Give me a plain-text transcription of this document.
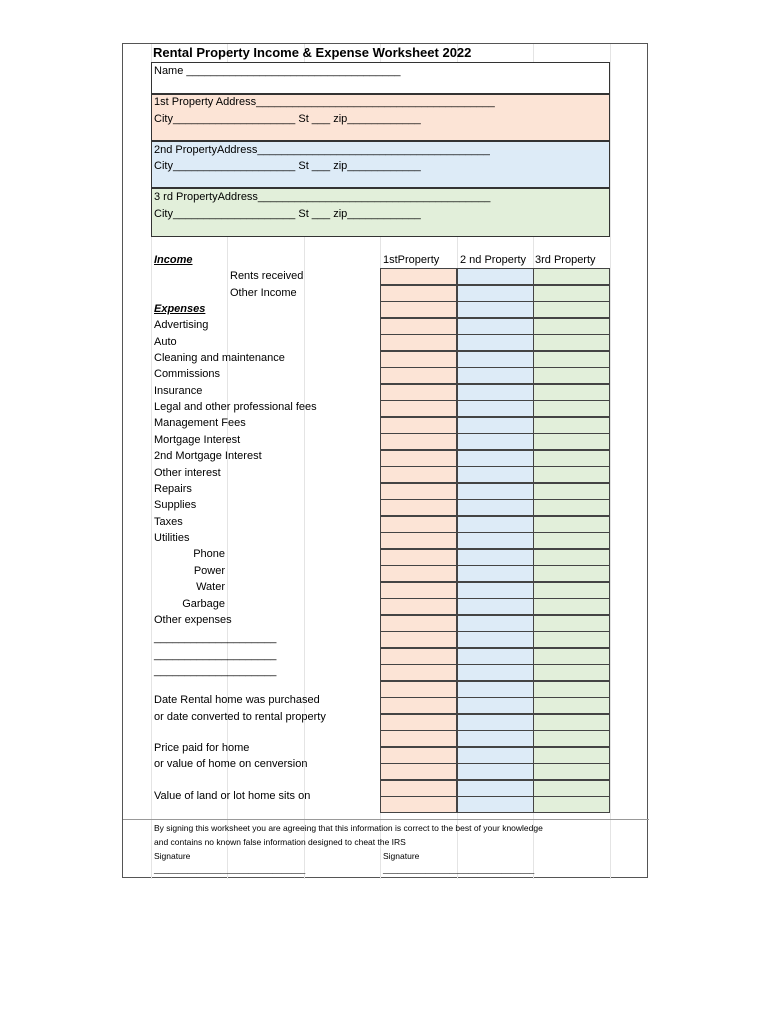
Rental Property Income & Expense Worksheet 2022
Name ___________________________________
1st Property Address_______________________________________
City____________________ St ___ zip____________
2nd PropertyAddress______________________________________
City____________________ St ___ zip____________
3 rd PropertyAddress______________________________________
City____________________ St ___ zip____________
Income	1stProperty 2 nd Property 3rd Property
Rents received
Other Income
Expenses
Advertising
Auto
Cleaning and maintenance
Commissions
Insurance
Legal and other professional fees
Management Fees
Mortgage Interest
2nd Mortgage Interest
Other interest
Repairs
Supplies
Taxes
Utilities
Phone
Power
Water
Garbage
Other expenses
____________________
____________________
____________________
Date Rental home was purchased
or date converted to rental property
Price paid for home
or value of home on cenversion
Value of land or lot home sits on
By signing this worksheet you are agreeing that this information is correct to the best of your knowledge
and contains no known false information designed to cheat the IRS
Signature	Signature
________________________________	________________________________
